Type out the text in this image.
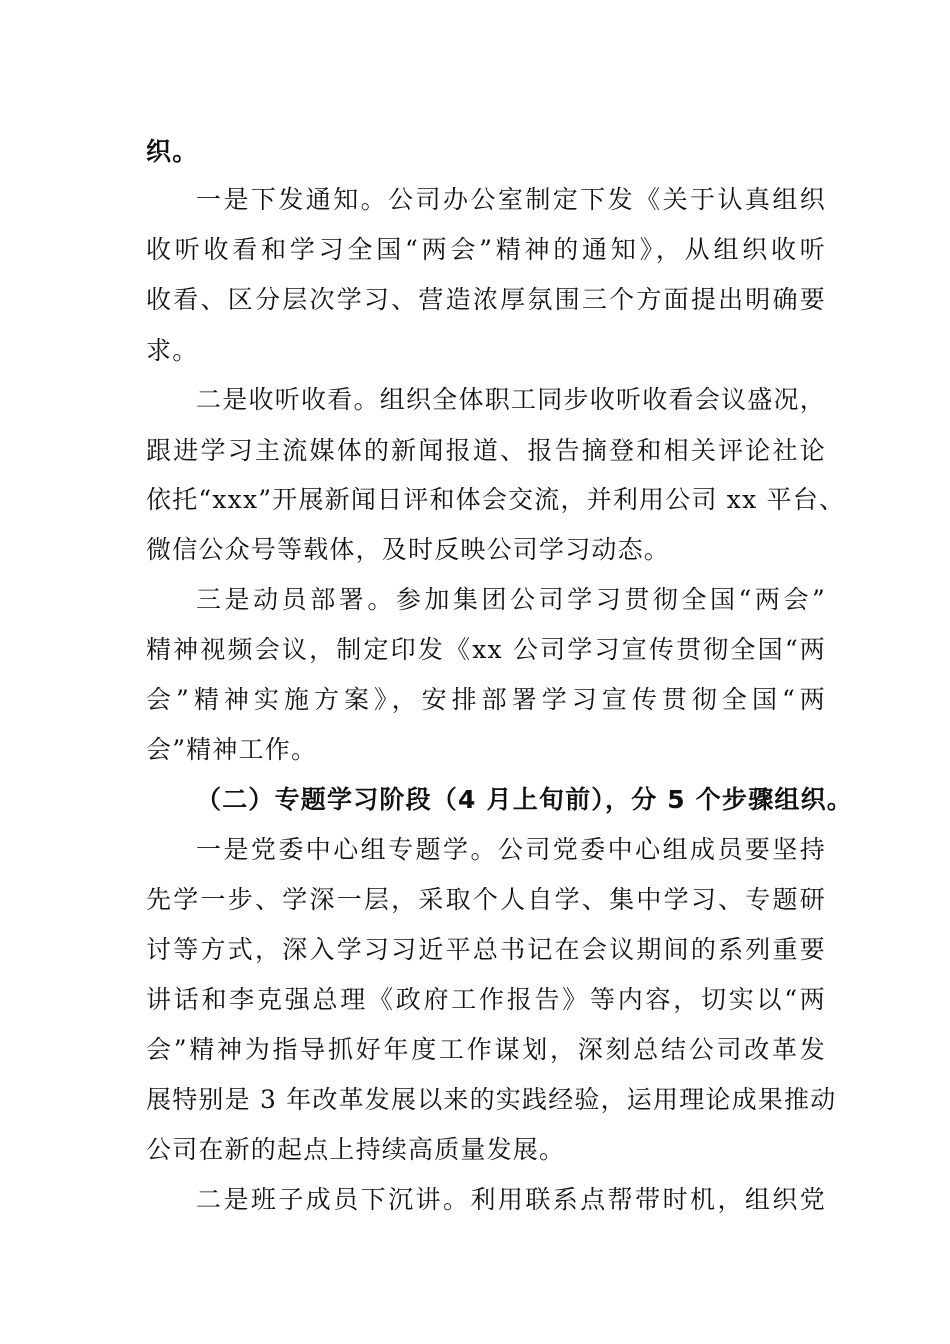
织。
一是下发通知。公司办公室制定下发《关于认真组织
收听收看和学习全国“两会”精神的通知》，从组织收听
收看、区分层次学习、营造浓厚氛围三个方面提出明确要
求。
二是收听收看。组织全体职工同步收听收看会议盛况，
跟进学习主流媒体的新闻报道、报告摘登和相关评论社论
依托“xxx”开展新闻日评和体会交流，并利用公司 xx 平台、
微信公众号等载体，及时反映公司学习动态。
三是动员部署。参加集团公司学习贯彻全国“两会”
精神视频会议，制定印发《xx 公司学习宣传贯彻全国“两
会”精神实施方案》，安排部署学习宣传贯彻全国“两
会”精神工作。
（二）专题学习阶段（4 月上旬前），分 5 个步骤组织。
一是党委中心组专题学。公司党委中心组成员要坚持
先学一步、学深一层，采取个人自学、集中学习、专题研
讨等方式，深入学习习近平总书记在会议期间的系列重要
讲话和李克强总理《政府工作报告》等内容，切实以“两
会”精神为指导抓好年度工作谋划，深刻总结公司改革发
展特别是 3 年改革发展以来的实践经验，运用理论成果推动
公司在新的起点上持续高质量发展。
二是班子成员下沉讲。利用联系点帮带时机，组织党
